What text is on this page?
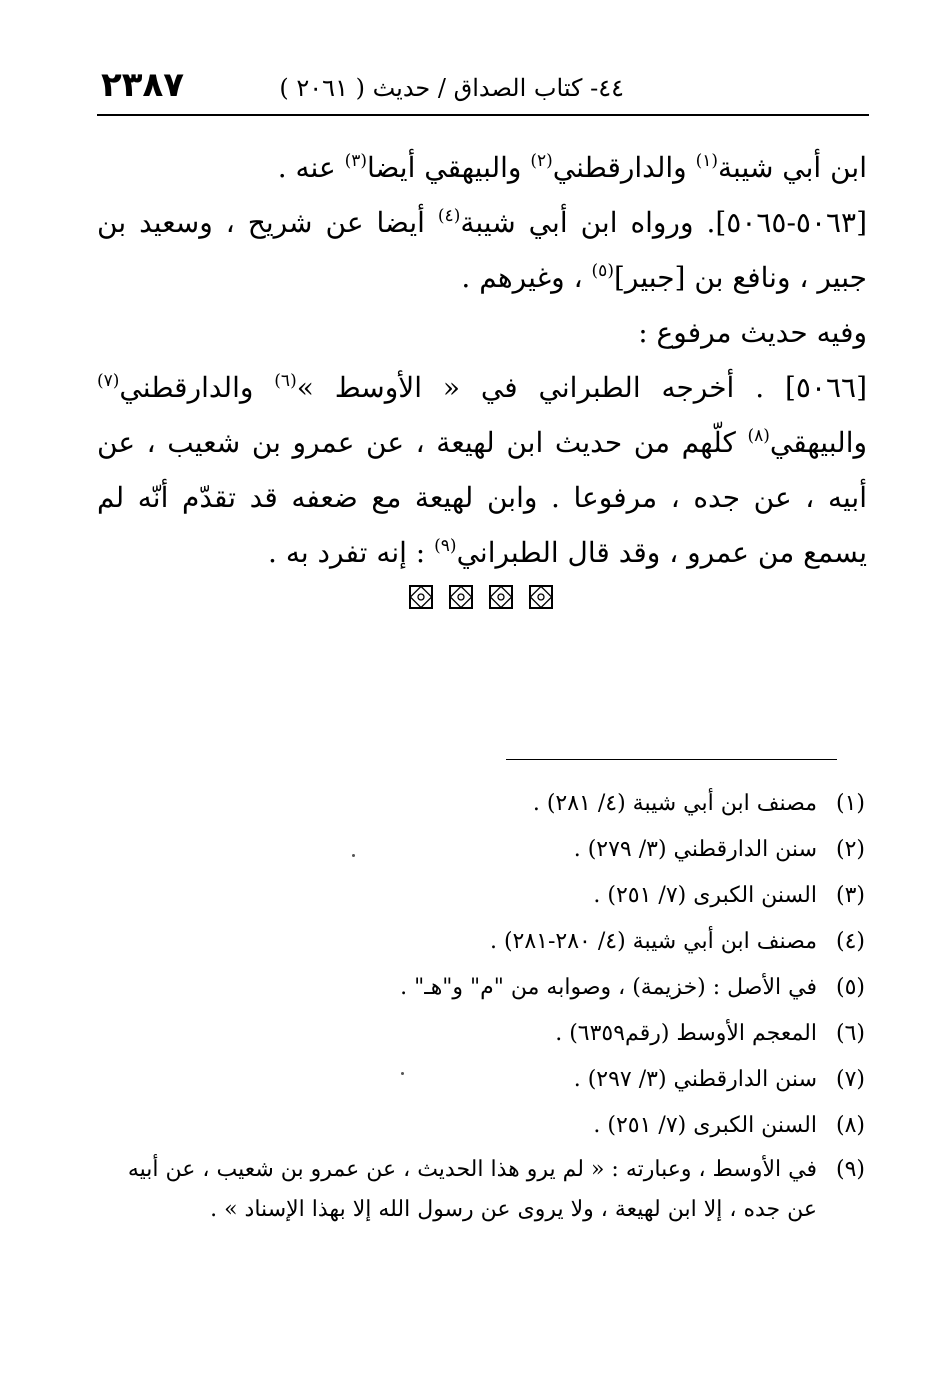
٢٣٨٧	٤٤- كتاب الصداق / حديث ( ٢٠٦١ )

ابن أبي شيبة$^{(١)}$ والدارقطني$^{(٢)}$ والبيهقي أيضا$^{(٣)}$ عنه .

[٥٠٦٣-٥٠٦٥]. ورواه ابن أبي شيبة$^{(٤)}$ أيضا عن شريح ، وسعيد بن جبير ، ونافع بن [جبير]$^{(٥)}$ ، وغيرهم .

وفيه حديث مرفوع :

[٥٠٦٦] . أخرجه الطبراني في « الأوسط »$^{(٦)}$ والدارقطني$^{(٧)}$ والبيهقي$^{(٨)}$ كلّهم من حديث ابن لهيعة ، عن عمرو بن شعيب ، عن أبيه ، عن جده ، مرفوعا . وابن لهيعة مع ضعفه قد تقدّم أنّه لم يسمع من عمرو ، وقد قال الطبراني$^{(٩)}$ : إنه تفرد به .

(١)
مصنف ابن أبي شيبة (٤/ ٢٨١) .
(٢)
سنن الدارقطني (٣/ ٢٧٩) .
(٣)
السنن الكبرى (٧/ ٢٥١) .
(٤)
مصنف ابن أبي شيبة (٤/ ٢٨٠-٢٨١) .
(٥)
في الأصل : (خزيمة) ، وصوابه من "م" و"هـ" .
(٦)
المعجم الأوسط (رقم٦٣٥٩) .
(٧)
سنن الدارقطني (٣/ ٢٩٧) .
(٨)
السنن الكبرى (٧/ ٢٥١) .
(٩)
في الأوسط ، وعبارته : « لم يرو هذا الحديث ، عن عمرو بن شعيب ، عن أبيه عن جده ، إلا ابن لهيعة ، ولا يروى عن رسول الله إلا بهذا الإسناد » .
